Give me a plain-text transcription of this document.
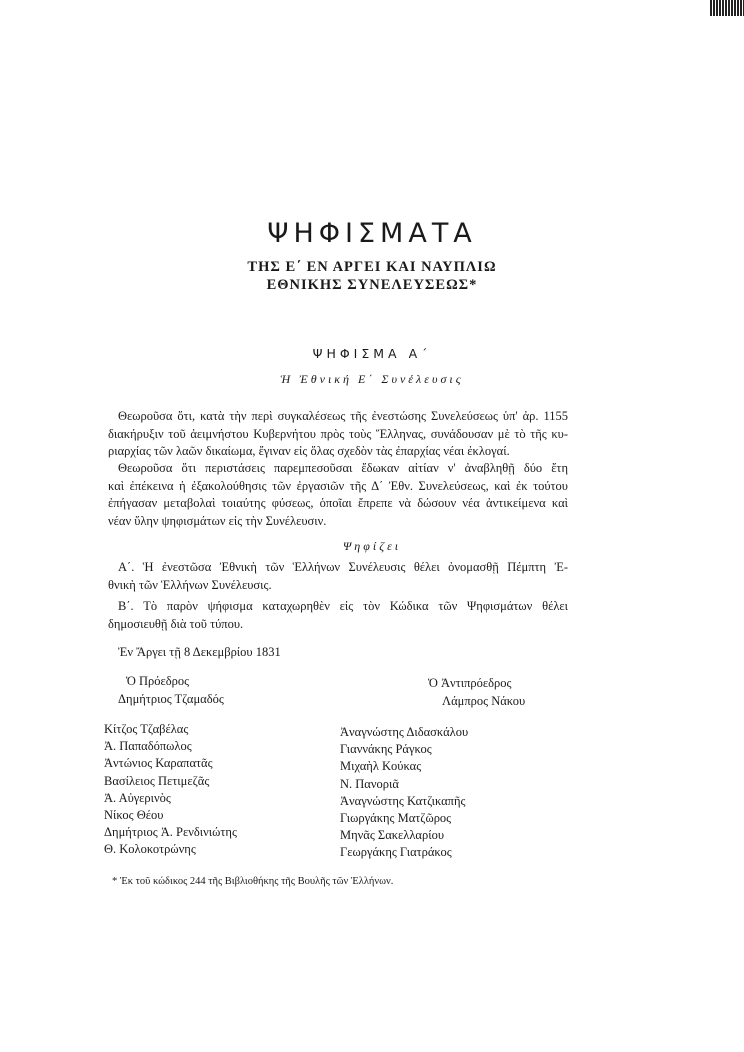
ΨΗΦΙΣΜΑΤΑ
ΤΗΣ Ε΄ ΕΝ ΑΡΓΕΙ ΚΑΙ ΝΑΥΠΛΙΩ
ΕΘΝΙΚΗΣ ΣΥΝΕΛΕΥΣΕΩΣ*
ΨΗΦΙΣΜΑ Α΄
Ἡ Ἐθνική Ε΄ Συνέλευσις
Θεωροῦσα ὅτι, κατὰ τὴν περὶ συγκαλέσεως τῆς ἐνεστώσης Συνελεύσεως ὑπ' ἀρ. 1155
διακήρυξιν τοῦ ἀειμνήστου Κυβερνήτου πρὸς τοὺς Ἕλληνας, συνάδουσαν μὲ τὸ τῆς κυ-
ριαρχίας τῶν λαῶν δικαίωμα, ἔγιναν εἰς ὅλας σχεδὸν τὰς ἐπαρχίας νέαι ἐκλογαί.
Θεωροῦσα ὅτι περιστάσεις παρεμπεσοῦσαι ἔδωκαν αἰτίαν ν' ἀναβληθῇ δύο ἔτη
καὶ ἐπέκεινα ἡ ἐξακολούθησις τῶν ἐργασιῶν τῆς Δ΄ Ἐθν. Συνελεύσεως, καὶ ἐκ τούτου
ἐπήγασαν μεταβολαὶ τοιαύτης φύσεως, ὁποῖαι ἔπρεπε νὰ δώσουν νέα ἀντικείμενα καὶ
νέαν ὕλην ψηφισμάτων εἰς τὴν Συνέλευσιν.
Ψηφίζει
Α΄. Ἡ ἐνεστῶσα Ἐθνικὴ τῶν Ἑλλήνων Συνέλευσις θέλει ὀνομασθῇ Πέμπτη Ἐ-
θνικὴ τῶν Ἑλλήνων Συνέλευσις.
Β΄. Τὸ παρὸν ψήφισμα καταχωρηθὲν εἰς τὸν Κώδικα τῶν Ψηφισμάτων θέλει
δημοσιευθῇ διὰ τοῦ τύπου.
Ἐν Ἄργει τῇ 8 Δεκεμβρίου 1831
Ὁ Πρόεδρος
Δημήτριος Τζαμαδός
Ὁ Ἀντιπρόεδρος
Λάμπρος Νάκου
Κίτζος Τζαβέλας
Ἀ. Παπαδόπωλος
Ἀντώνιος Καραπατᾶς
Βασίλειος Πετιμεζᾶς
Ἀ. Αὐγερινὸς
Νίκος Θέου
Δημήτριος Ἀ. Ρενδινιώτης
Θ. Κολοκοτρώνης
Ἀναγνώστης Διδασκάλου
Γιαννάκης Ράγκος
Μιχαὴλ Κούκας
Ν. Πανοριᾶ
Ἀναγνώστης Κατζικαπῆς
Γιωργάκης Ματζῶρος
Μηνᾶς Σακελλαρίου
Γεωργάκης Γιατράκος
* Ἐκ τοῦ κώδικος 244 τῆς Βιβλιοθήκης τῆς Βουλῆς τῶν Ἑλλήνων.
